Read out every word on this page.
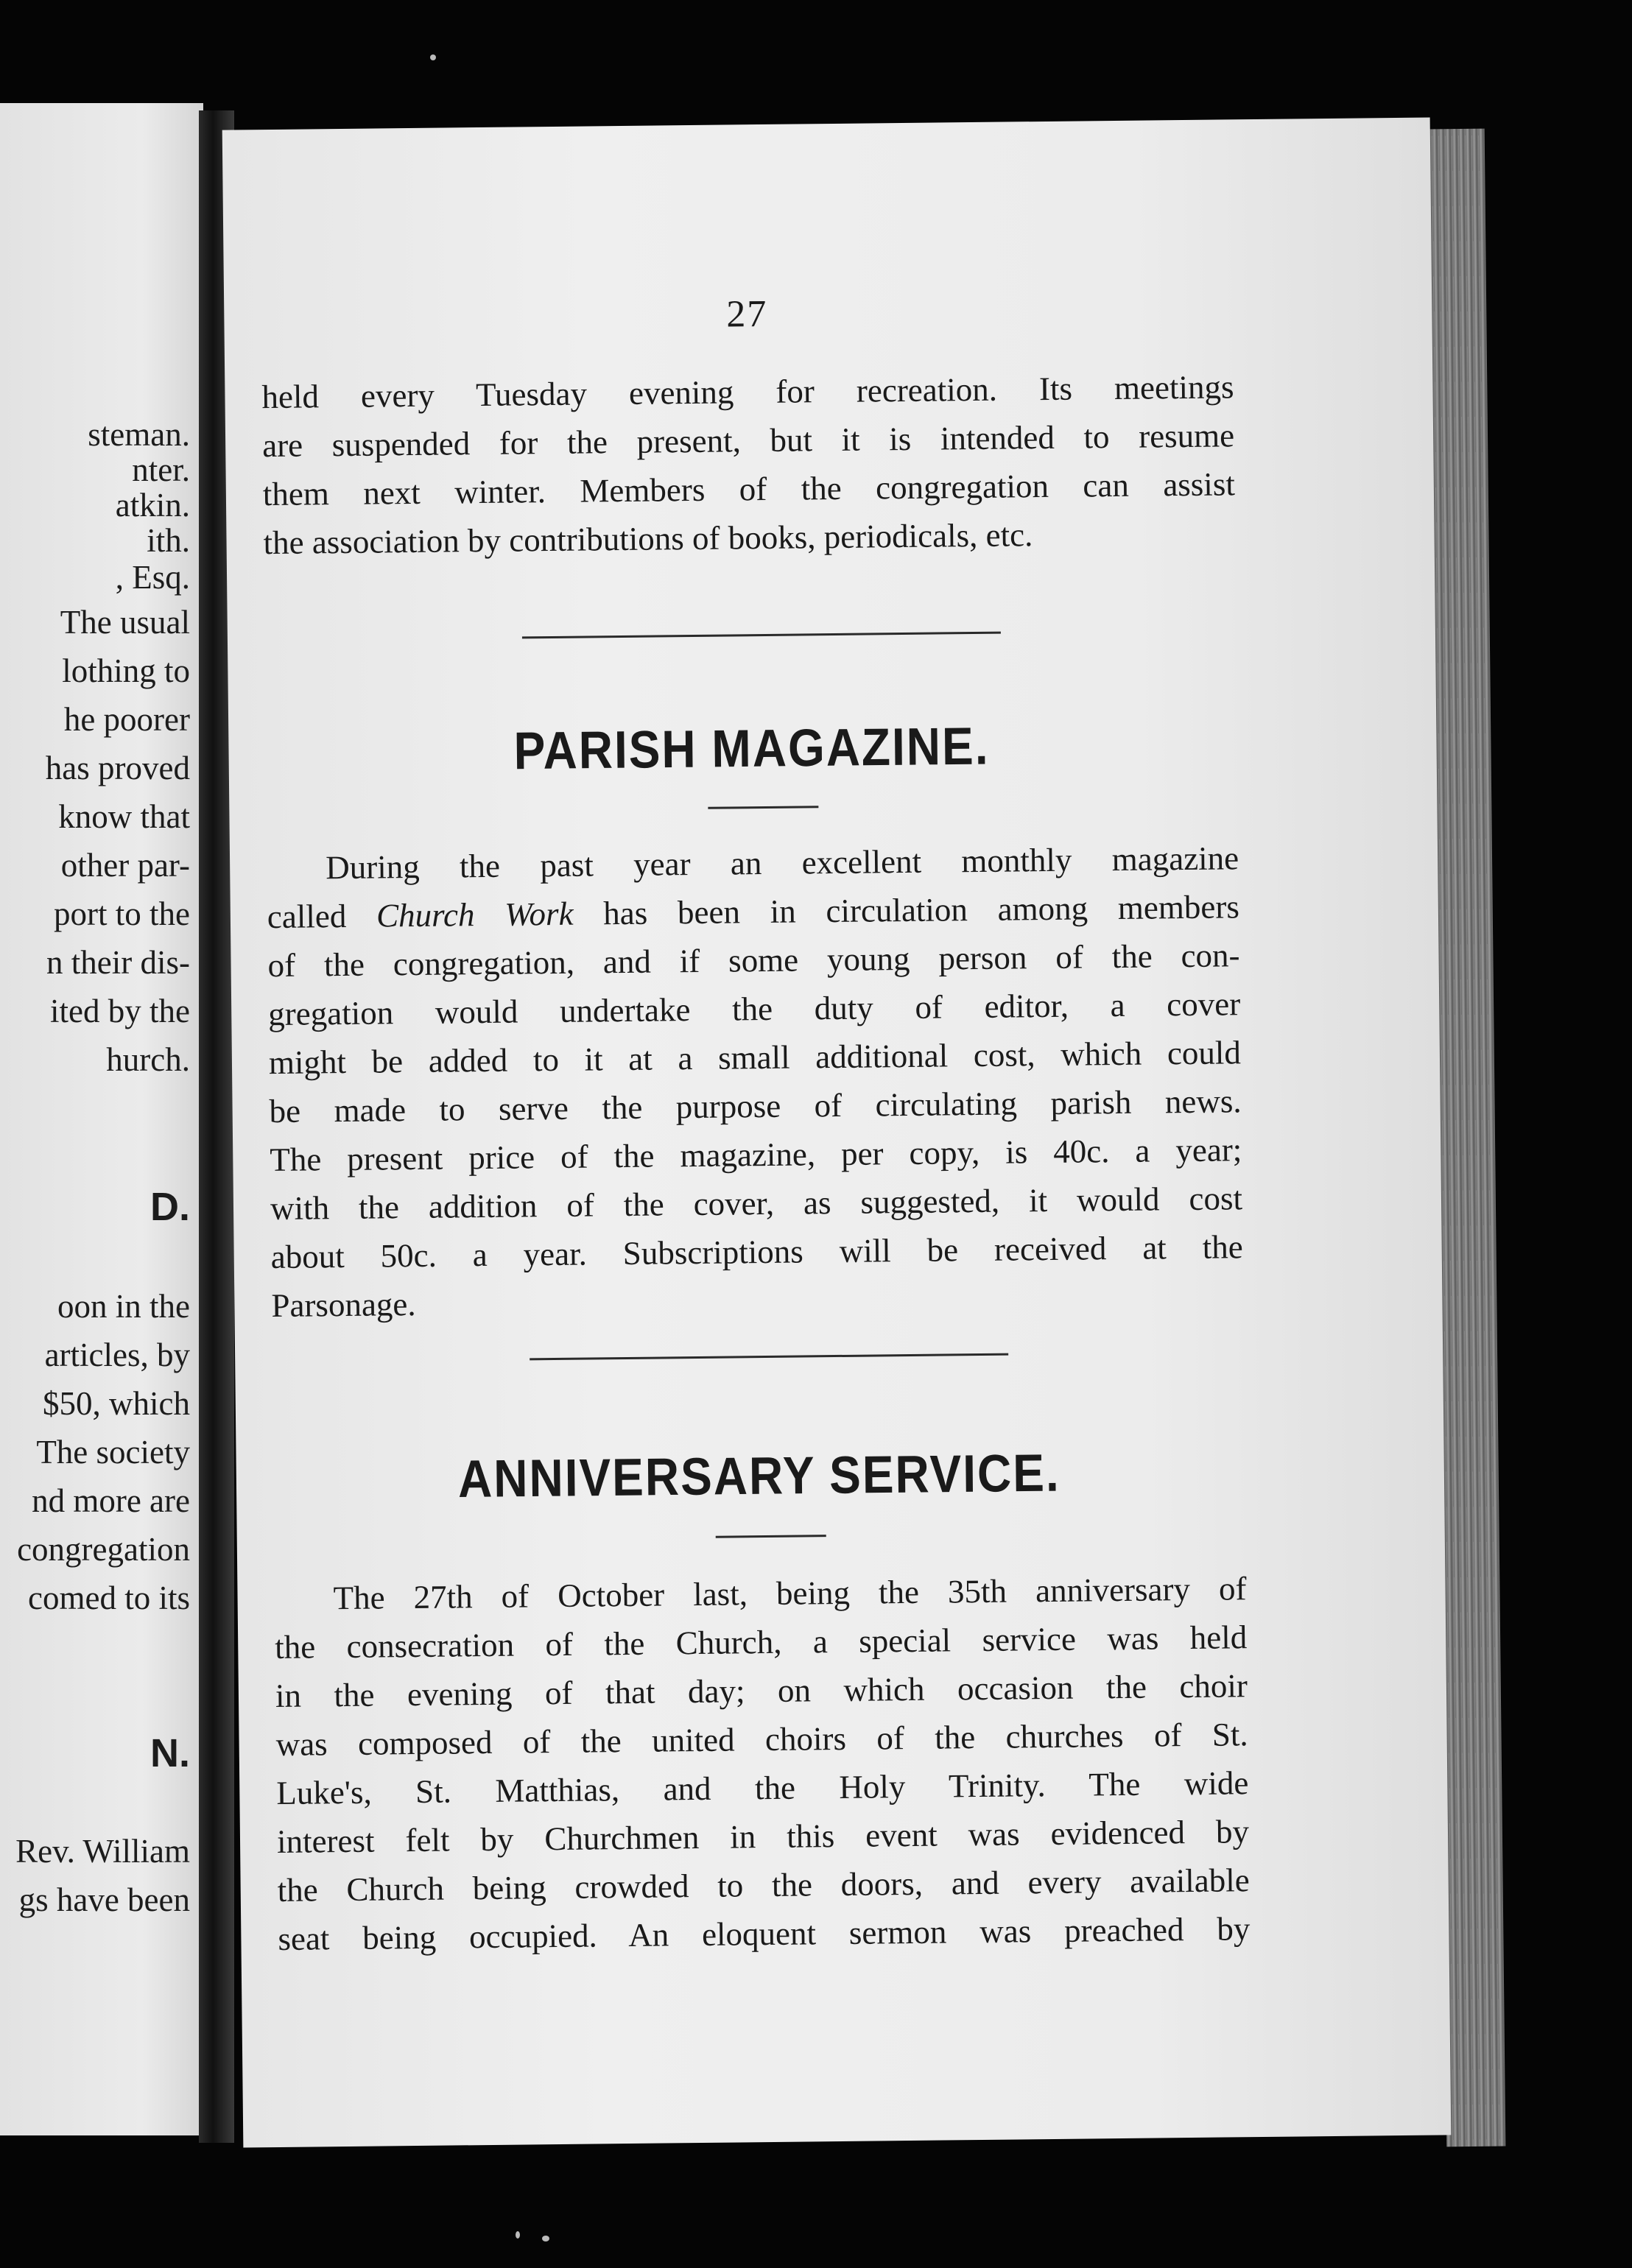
steman.
nter.
atkin.
ith.
, Esq.
The usual
lothing to
he poorer
has proved
know that
other par-
port to the
n their dis-
ited by the
hurch.
D.
oon in the
articles, by
$50, which
The society
nd more are
congregation
comed to its
N.
Rev. William
gs have been
27
held every Tuesday evening for recreation. Its meetings
are suspended for the present, but it is intended to resume
them next winter. Members of the congregation can assist
the association by contributions of books, periodicals, etc.
PARISH MAGAZINE.
During the past year an excellent monthly magazine
called Church Work has been in circulation among members
of the congregation, and if some young person of the con-
gregation would undertake the duty of editor, a cover
might be added to it at a small additional cost, which could
be made to serve the purpose of circulating parish news.
The present price of the magazine, per copy, is 40c. a year;
with the addition of the cover, as suggested, it would cost
about 50c. a year. Subscriptions will be received at the
Parsonage.
ANNIVERSARY SERVICE.
The 27th of October last, being the 35th anniversary of
the consecration of the Church, a special service was held
in the evening of that day; on which occasion the choir
was composed of the united choirs of the churches of St.
Luke's, St. Matthias, and the Holy Trinity. The wide
interest felt by Churchmen in this event was evidenced by
the Church being crowded to the doors, and every available
seat being occupied. An eloquent sermon was preached by
